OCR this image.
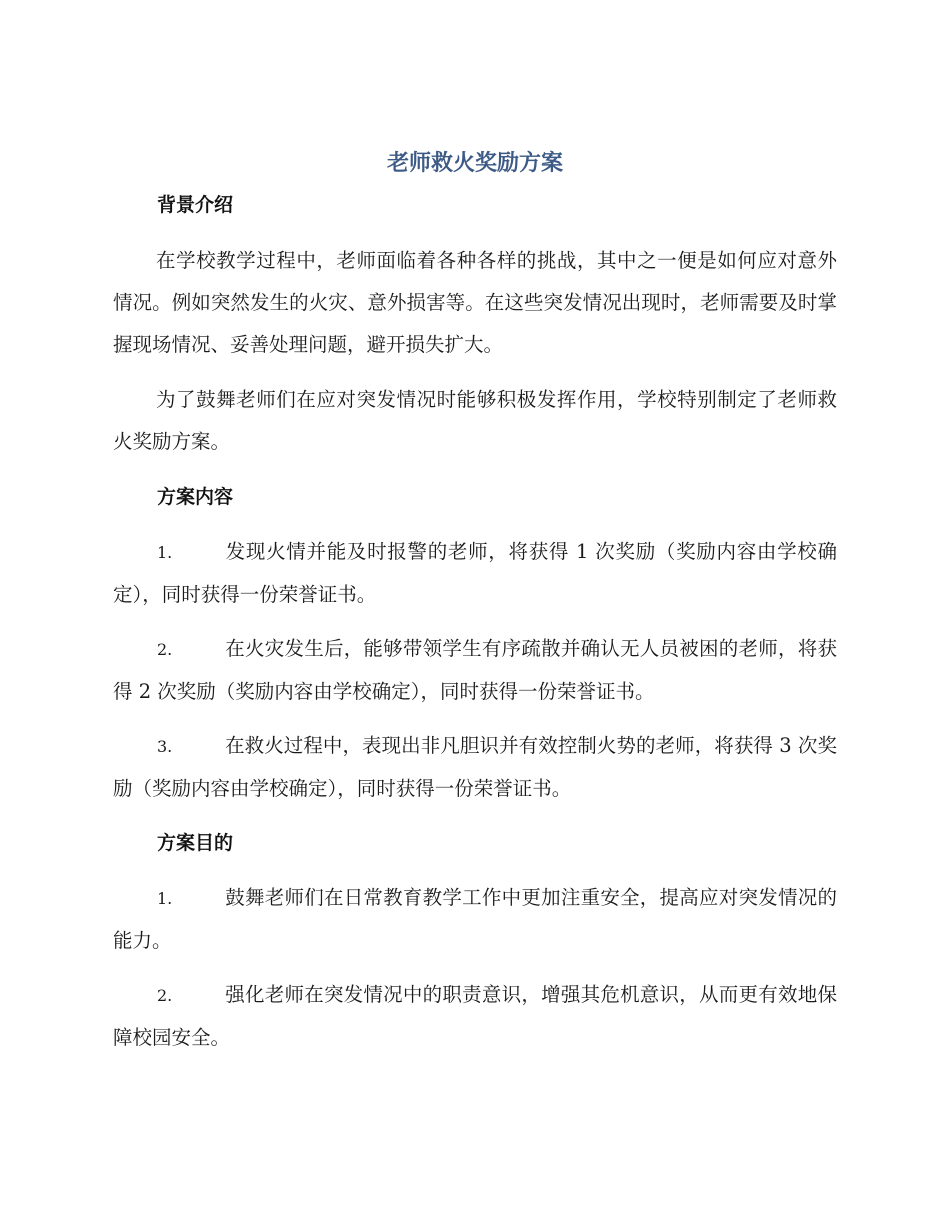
老师救火奖励方案
背景介绍

在学校教学过程中，老师面临着各种各样的挑战，其中之一便是如何应对意外情况。例如突然发生的火灾、意外损害等。在这些突发情况出现时，老师需要及时掌握现场情况、妥善处理问题，避开损失扩大。

为了鼓舞老师们在应对突发情况时能够积极发挥作用，学校特别制定了老师救火奖励方案。

方案内容
1.	发现火情并能及时报警的老师，将获得 1 次奖励（奖励内容由学校确定），同时获得一份荣誉证书。
2.	在火灾发生后，能够带领学生有序疏散并确认无人员被困的老师，将获得 2 次奖励（奖励内容由学校确定），同时获得一份荣誉证书。
3.	在救火过程中，表现出非凡胆识并有效控制火势的老师，将获得 3 次奖励（奖励内容由学校确定），同时获得一份荣誉证书。
方案目的
1.	鼓舞老师们在日常教育教学工作中更加注重安全，提高应对突发情况的能力。
2.	强化老师在突发情况中的职责意识，增强其危机意识，从而更有效地保障校园安全。
